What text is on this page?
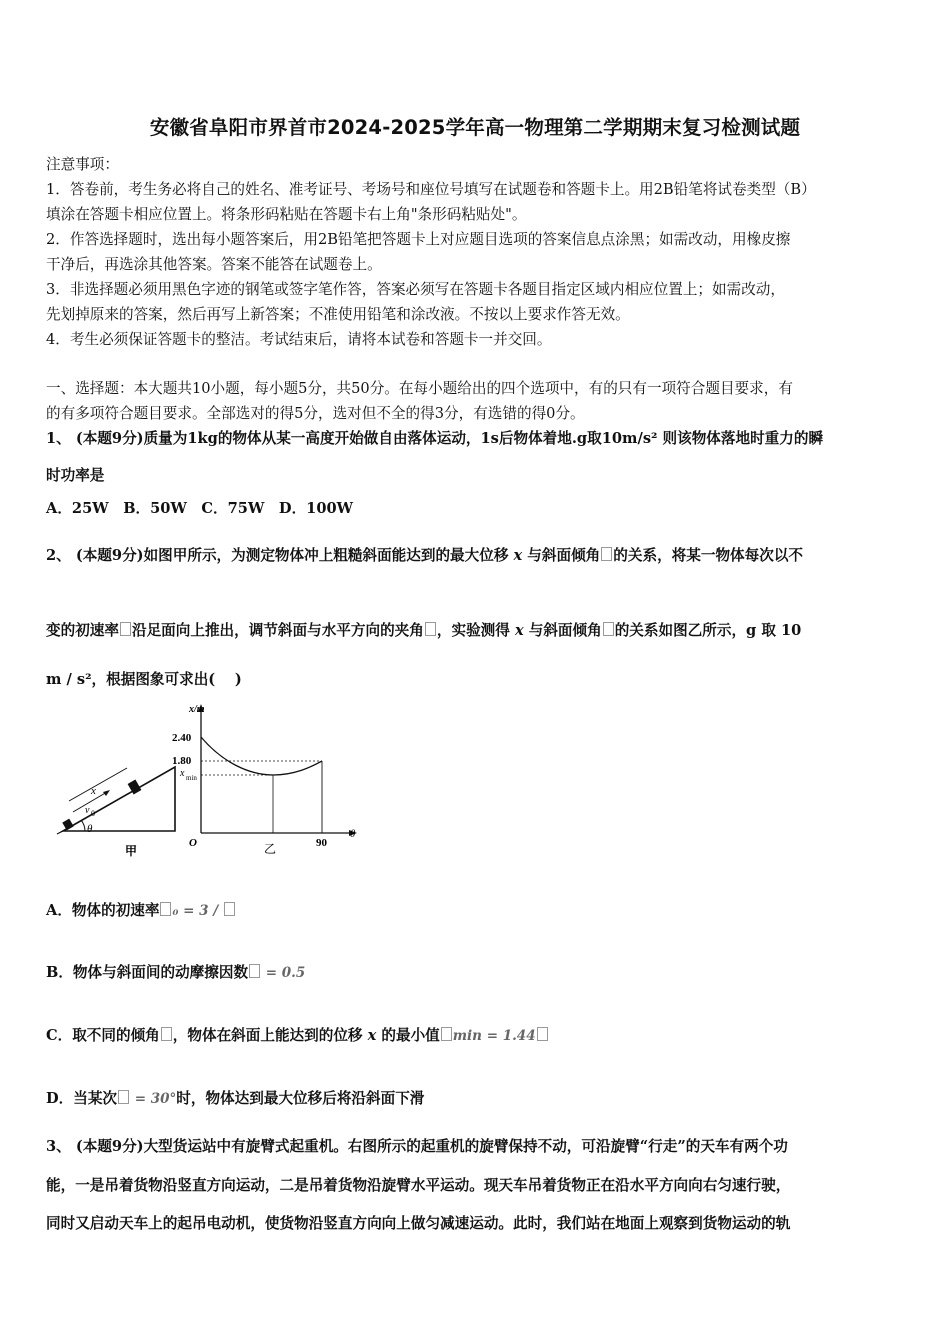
安徽省阜阳市界首市2024-2025学年高一物理第二学期期末复习检测试题
注意事项：
1．答卷前，考生务必将自己的姓名、准考证号、考场号和座位号填写在试题卷和答题卡上。用2B铅笔将试卷类型（B）
填涂在答题卡相应位置上。将条形码粘贴在答题卡右上角"条形码粘贴处"。
2．作答选择题时，选出每小题答案后，用2B铅笔把答题卡上对应题目选项的答案信息点涂黑；如需改动，用橡皮擦
干净后，再选涂其他答案。答案不能答在试题卷上。
3．非选择题必须用黑色字迹的钢笔或签字笔作答，答案必须写在答题卡各题目指定区域内相应位置上；如需改动，
先划掉原来的答案，然后再写上新答案；不准使用铅笔和涂改液。不按以上要求作答无效。
4．考生必须保证答题卡的整洁。考试结束后，请将本试卷和答题卡一并交回。
一、选择题：本大题共10小题，每小题5分，共50分。在每小题给出的四个选项中，有的只有一项符合题目要求，有
的有多项符合题目要求。全部选对的得5分，选对但不全的得3分，有选错的得0分。
1、 (本题9分)质量为1kg的物体从某一高度开始做自由落体运动，1s后物体着地.g取10m/s² 则该物体落地时重力的瞬
时功率是
A．25W　B．50W　C．75W　D．100W
2、 (本题9分)如图甲所示，为测定物体冲上粗糙斜面能达到的最大位移 x 与斜面倾角 的关系，将某一物体每次以不
变的初速率 沿足面向上推出，调节斜面与水平方向的夹角 ，实验测得 x 与斜面倾角 的关系如图乙所示，g 取 10
m / s²，根据图象可求出(　 )
x
v 0
θ
甲
x/m
2.40
1.80
x min
O	90
θ
乙
A．物体的初速率 ₀ = 3 /
B．物体与斜面间的动摩擦因数 = 0.5
C．取不同的倾角 ，物体在斜面上能达到的位移 x 的最小值 min = 1.44
D．当某次 = 30°时，物体达到最大位移后将沿斜面下滑
3、 (本题9分)大型货运站中有旋臂式起重机。右图所示的起重机的旋臂保持不动，可沿旋臂“行走”的天车有两个功
能，一是吊着货物沿竖直方向运动，二是吊着货物沿旋臂水平运动。现天车吊着货物正在沿水平方向向右匀速行驶，
同时又启动天车上的起吊电动机，使货物沿竖直方向向上做匀减速运动。此时，我们站在地面上观察到货物运动的轨
